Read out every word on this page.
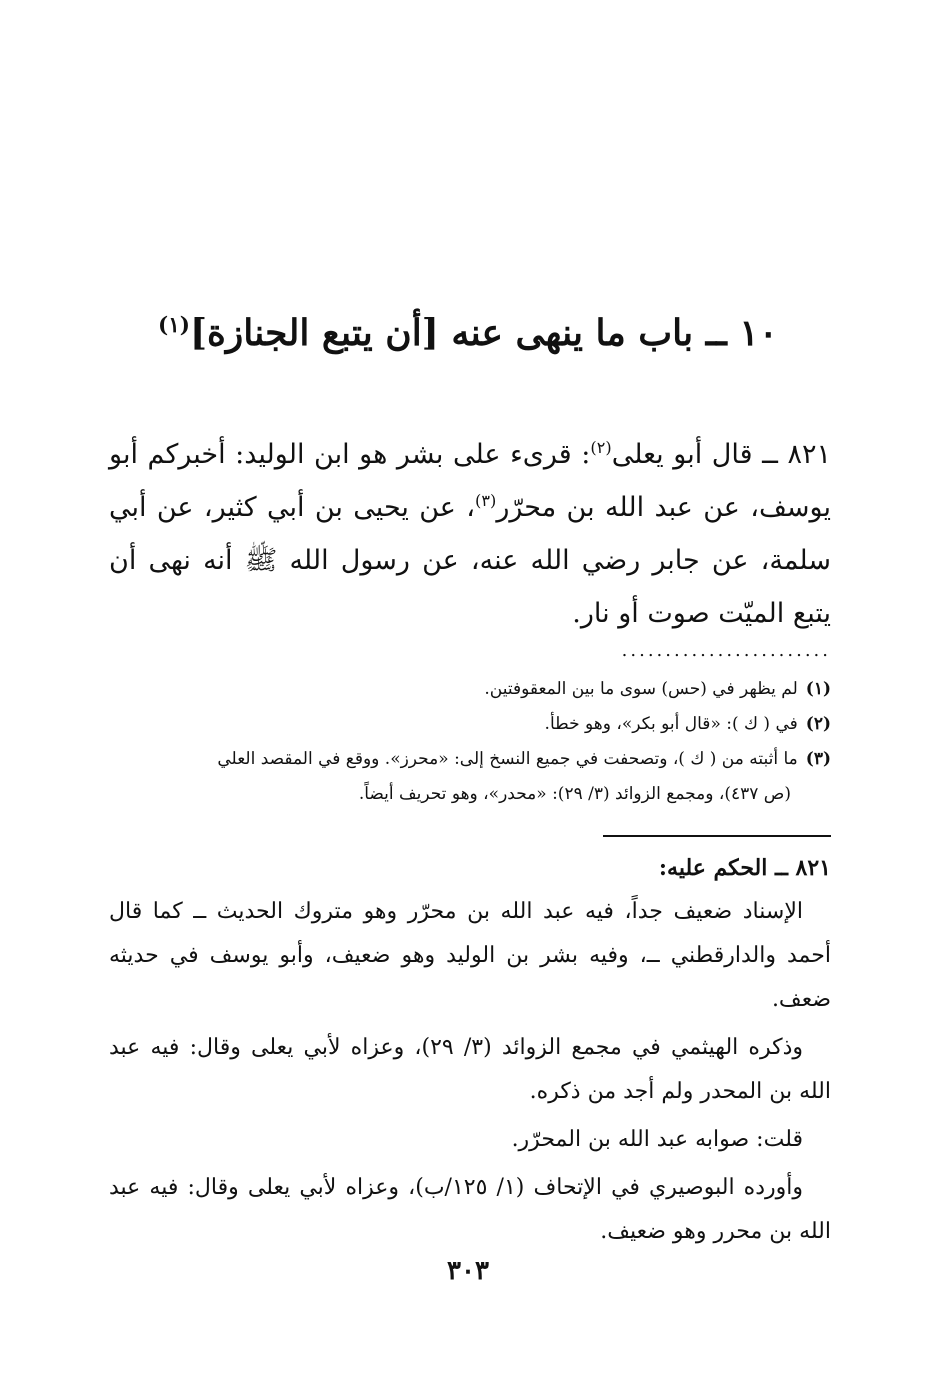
١٠ ــ باب ما ينهى عنه [أن يتبع الجنازة]$^{(١)}$

٨٢١ ــ قال أبو يعلى$^{(٢)}$: قرىء على بشر هو ابن الوليد: أخبركم أبو يوسف، عن عبد الله بن محرّر$^{(٣)}$، عن يحيى بن أبي كثير، عن أبي سلمة، عن جابر رضي الله عنه، عن رسول الله ﷺ أنه نهى أن يتبع الميّت صوت أو نار.

........................
(١)لم يظهر في (حس) سوى ما بين المعقوفتين.
(٢)في ( ك ): «قال أبو بكر»، وهو خطأ.
(٣)ما أثبته من ( ك )، وتصحفت في جميع النسخ إلى: «محرز». ووقع في المقصد العلي
(ص ٤٣٧)، ومجمع الزوائد (٣/ ٢٩): «محدر»، وهو تحريف أيضاً.
٨٢١ ــ الحكم عليه:

الإسناد ضعيف جداً، فيه عبد الله بن محرّر وهو متروك الحديث ــ كما قال أحمد والدارقطني ــ، وفيه بشر بن الوليد وهو ضعيف، وأبو يوسف في حديثه ضعف.

وذكره الهيثمي في مجمع الزوائد (٣/ ٢٩)، وعزاه لأبي يعلى وقال: فيه عبد الله بن المحدر ولم أجد من ذكره.

قلت: صوابه عبد الله بن المحرّر.

وأورده البوصيري في الإتحاف (١/ ١٢٥/ب)، وعزاه لأبي يعلى وقال: فيه عبد الله بن محرر وهو ضعيف.

٣٠٣
